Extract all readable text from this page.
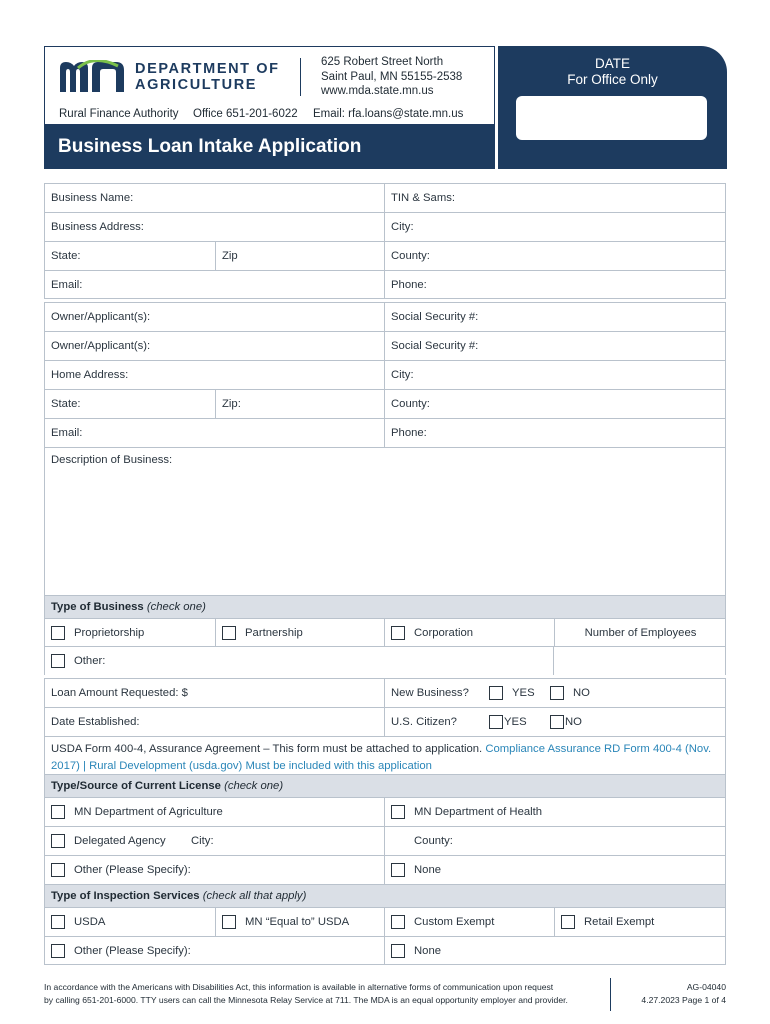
DEPARTMENT OF
AGRICULTURE
625 Robert Street North
Saint Paul, MN 55155-2538
www.mda.state.mn.us
Rural Finance Authority Office 651-201-6022 Email: rfa.loans@state.mn.us
Business Loan Intake Application
DATE
For Office Only
Business Name:	TIN & Sams:
Business Address:	City:
State:	Zip	County:
Email:	Phone:
Owner/Applicant(s):	Social Security #:
Owner/Applicant(s):	Social Security #:
Home Address:	City:
State:	Zip:	County:
Email:	Phone:
Description of Business:
Type of Business
(check one)
Proprietorship	Partnership	Corporation	Number of Employees
Other:
Loan Amount Requested: $	New Business?	YES	NO
Date Established:	U.S. Citizen?	YES	NO
USDA Form 400-4, Assurance Agreement – This form must be attached to application. Compliance Assurance RD Form 400-4 (Nov. 2017) | Rural Development (usda.gov) Must be included with this application
Type/Source of Current License
(check one)
MN Department of Agriculture	MN Department of Health
Delegated Agency	City:	County:
Other (Please Specify):	None
Type of Inspection Services
(check all that apply)
USDA	MN “Equal to” USDA	Custom Exempt	Retail Exempt
Other (Please Specify):	None
In accordance with the Americans with Disabilities Act, this information is available in alternative forms of communication upon request
by calling 651-201-6000. TTY users can call the Minnesota Relay Service at 711. The MDA is an equal opportunity employer and provider.
AG-04040
4.27.2023 Page 1 of 4
